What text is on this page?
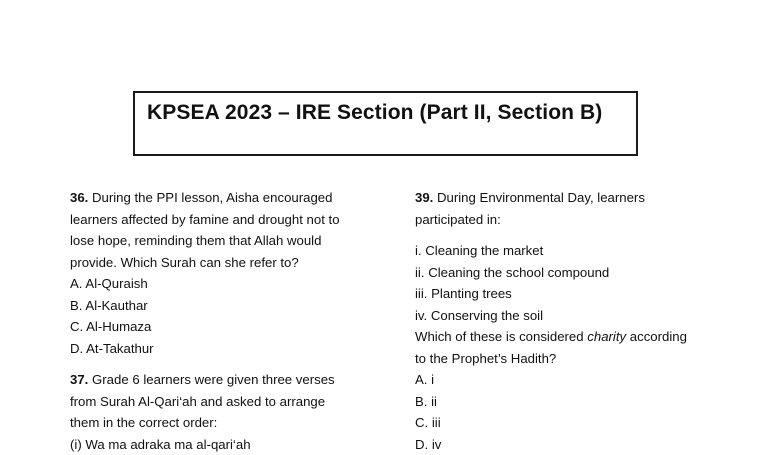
KPSEA 2023 – IRE Section (Part II, Section B)
36. During the PPI lesson, Aisha encouraged
learners affected by famine and drought not to
lose hope, reminding them that Allah would
provide. Which Surah can she refer to?
A. Al-Quraish
B. Al-Kauthar
C. Al-Humaza
D. At-Takathur
37. Grade 6 learners were given three verses
from Surah Al-Qari‘ah and asked to arrange
them in the correct order:
(i) Wa ma adraka ma al-qari‘ah
39. During Environmental Day, learners
participated in:
i. Cleaning the market
ii. Cleaning the school compound
iii. Planting trees
iv. Conserving the soil
Which of these is considered charity according
to the Prophet’s Hadith?
A. i
B. ii
C. iii
D. iv
